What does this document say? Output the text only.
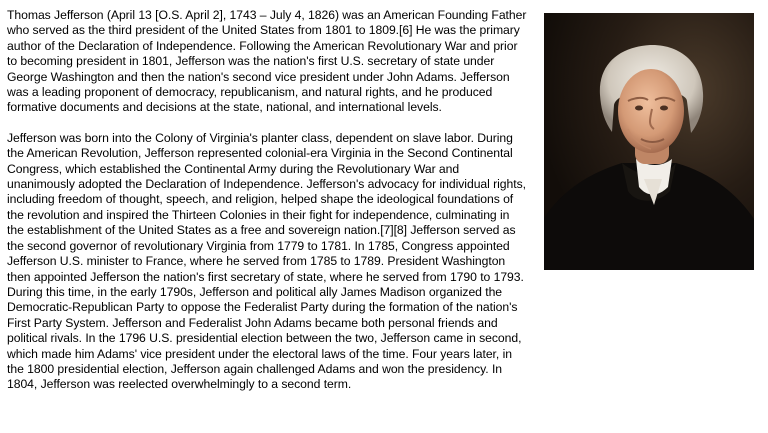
Thomas Jefferson (April 13 [O.S. April 2], 1743 – July 4, 1826) was an American Founding Father who served as the third president of the United States from 1801 to 1809.[6] He was the primary author of the Declaration of Independence. Following the American Revolutionary War and prior to becoming president in 1801, Jefferson was the nation's first U.S. secretary of state under George Washington and then the nation's second vice president under John Adams. Jefferson was a leading proponent of democracy, republicanism, and natural rights, and he produced formative documents and decisions at the state, national, and international levels.

Jefferson was born into the Colony of Virginia's planter class, dependent on slave labor. During the American Revolution, Jefferson represented colonial-era Virginia in the Second Continental Congress, which established the Continental Army during the Revolutionary War and unanimously adopted the Declaration of Independence. Jefferson's advocacy for individual rights, including freedom of thought, speech, and religion, helped shape the ideological foundations of the revolution and inspired the Thirteen Colonies in their fight for independence, culminating in the establishment of the United States as a free and sovereign nation.[7][8] Jefferson served as the second governor of revolutionary Virginia from 1779 to 1781. In 1785, Congress appointed Jefferson U.S. minister to France, where he served from 1785 to 1789. President Washington then appointed Jefferson the nation's first secretary of state, where he served from 1790 to 1793. During this time, in the early 1790s, Jefferson and political ally James Madison organized the Democratic-Republican Party to oppose the Federalist Party during the formation of the nation's First Party System. Jefferson and Federalist John Adams became both personal friends and political rivals. In the 1796 U.S. presidential election between the two, Jefferson came in second, which made him Adams' vice president under the electoral laws of the time. Four years later, in the 1800 presidential election, Jefferson again challenged Adams and won the presidency. In 1804, Jefferson was reelected overwhelmingly to a second term.
